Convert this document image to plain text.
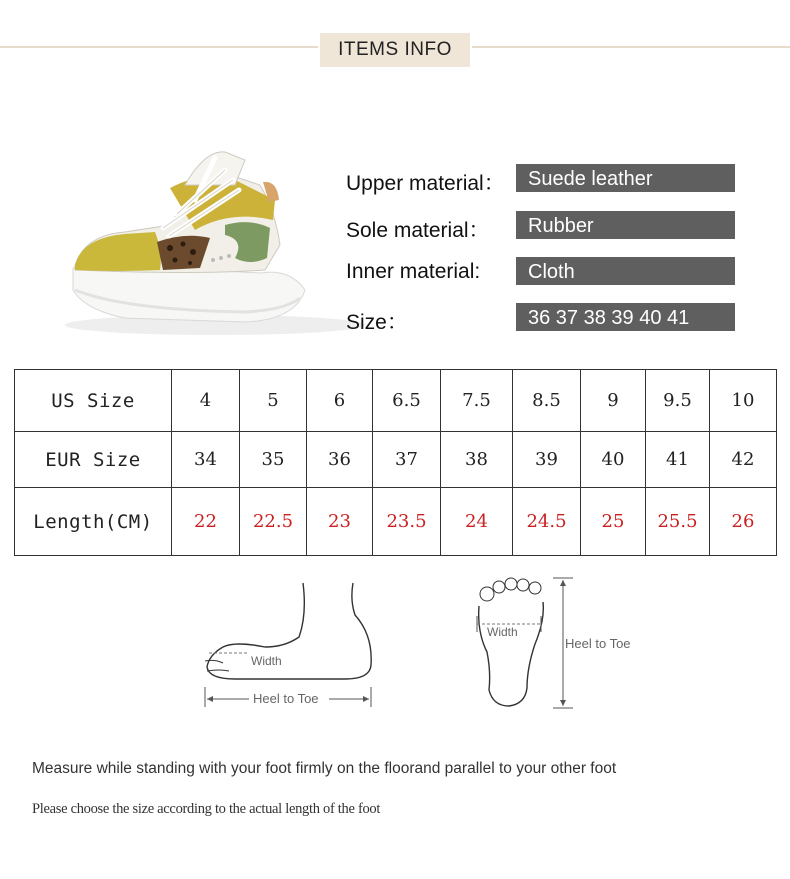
ITEMS INFO
Upper material：	Suede leather
Sole material：	Rubber
Inner material:	Cloth
Size：	36 37 38 39 40 41
US Size	4	5	6	6.5	7.5	8.5	9	9.5	10
EUR Size	34	35	36	37	38	39	40	41	42
Length(CM)	22	22.5	23	23.5	24	24.5	25	25.5	26
Width
Heel to Toe
Width
Heel to Toe
Measure while standing with your foot firmly on the floorand parallel to your other foot
Please choose the size according to the actual length of the foot
